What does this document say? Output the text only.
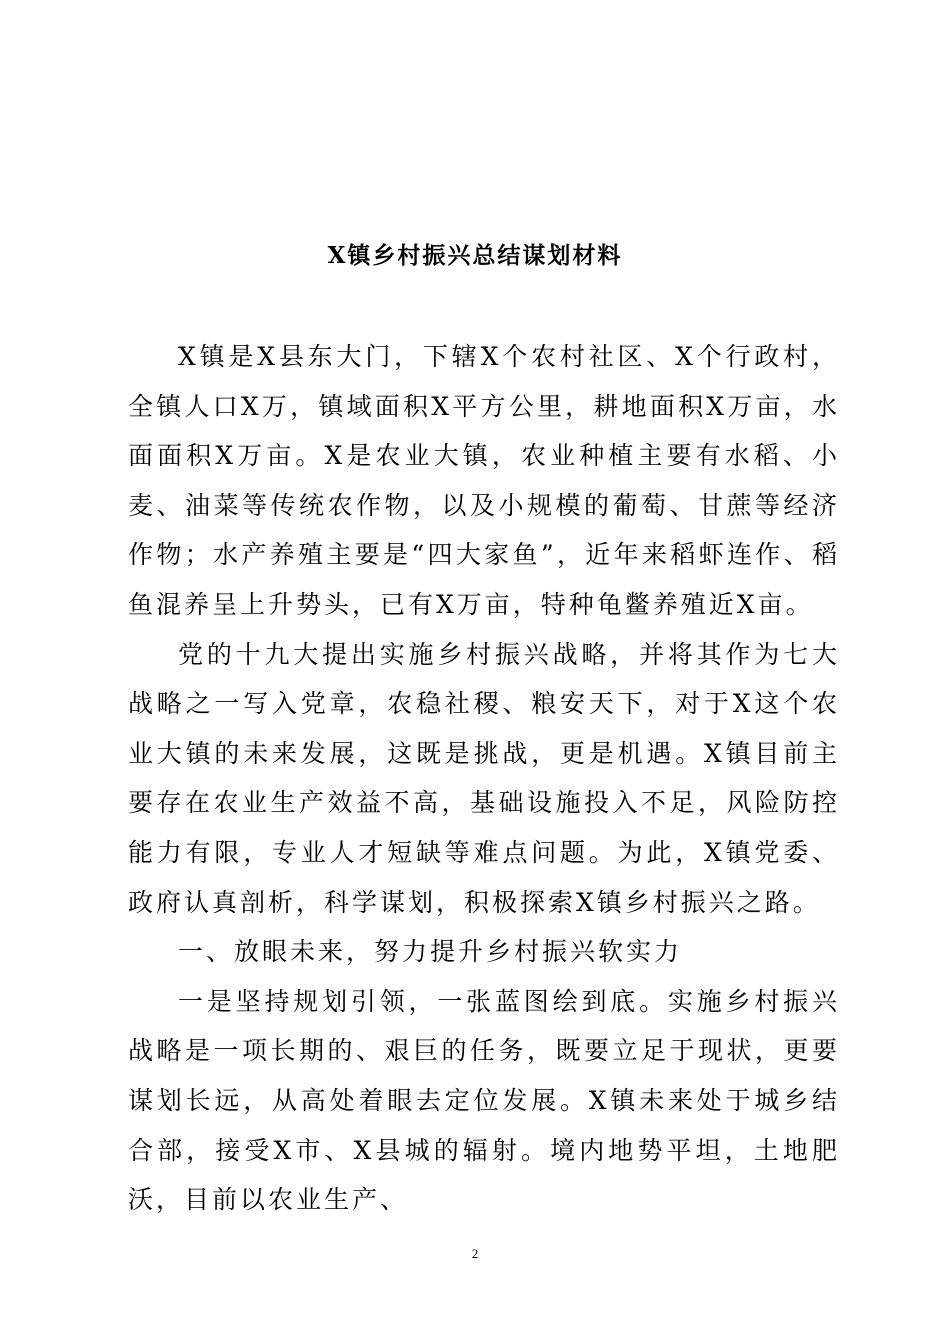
X镇乡村振兴总结谋划材料

X镇是X县东大门，下辖X个农村社区、X个行政村，全镇人口X万，镇域面积X平方公里，耕地面积X万亩，水面面积X万亩。X是农业大镇，农业种植主要有水稻、小麦、油菜等传统农作物，以及小规模的葡萄、甘蔗等经济作物；水产养殖主要是“四大家鱼”，近年来稻虾连作、稻鱼混养呈上升势头，已有X万亩，特种龟鳖养殖近X亩。

党的十九大提出实施乡村振兴战略，并将其作为七大战略之一写入党章，农稳社稷、粮安天下，对于X这个农业大镇的未来发展，这既是挑战，更是机遇。X镇目前主要存在农业生产效益不高，基础设施投入不足，风险防控能力有限，专业人才短缺等难点问题。为此，X镇党委、政府认真剖析，科学谋划，积极探索X镇乡村振兴之路。

一、放眼未来，努力提升乡村振兴软实力

一是坚持规划引领，一张蓝图绘到底。实施乡村振兴战略是一项长期的、艰巨的任务，既要立足于现状，更要谋划长远，从高处着眼去定位发展。X镇未来处于城乡结合部，接受X市、X县城的辐射。境内地势平坦，土地肥沃，目前以农业生产、

2
